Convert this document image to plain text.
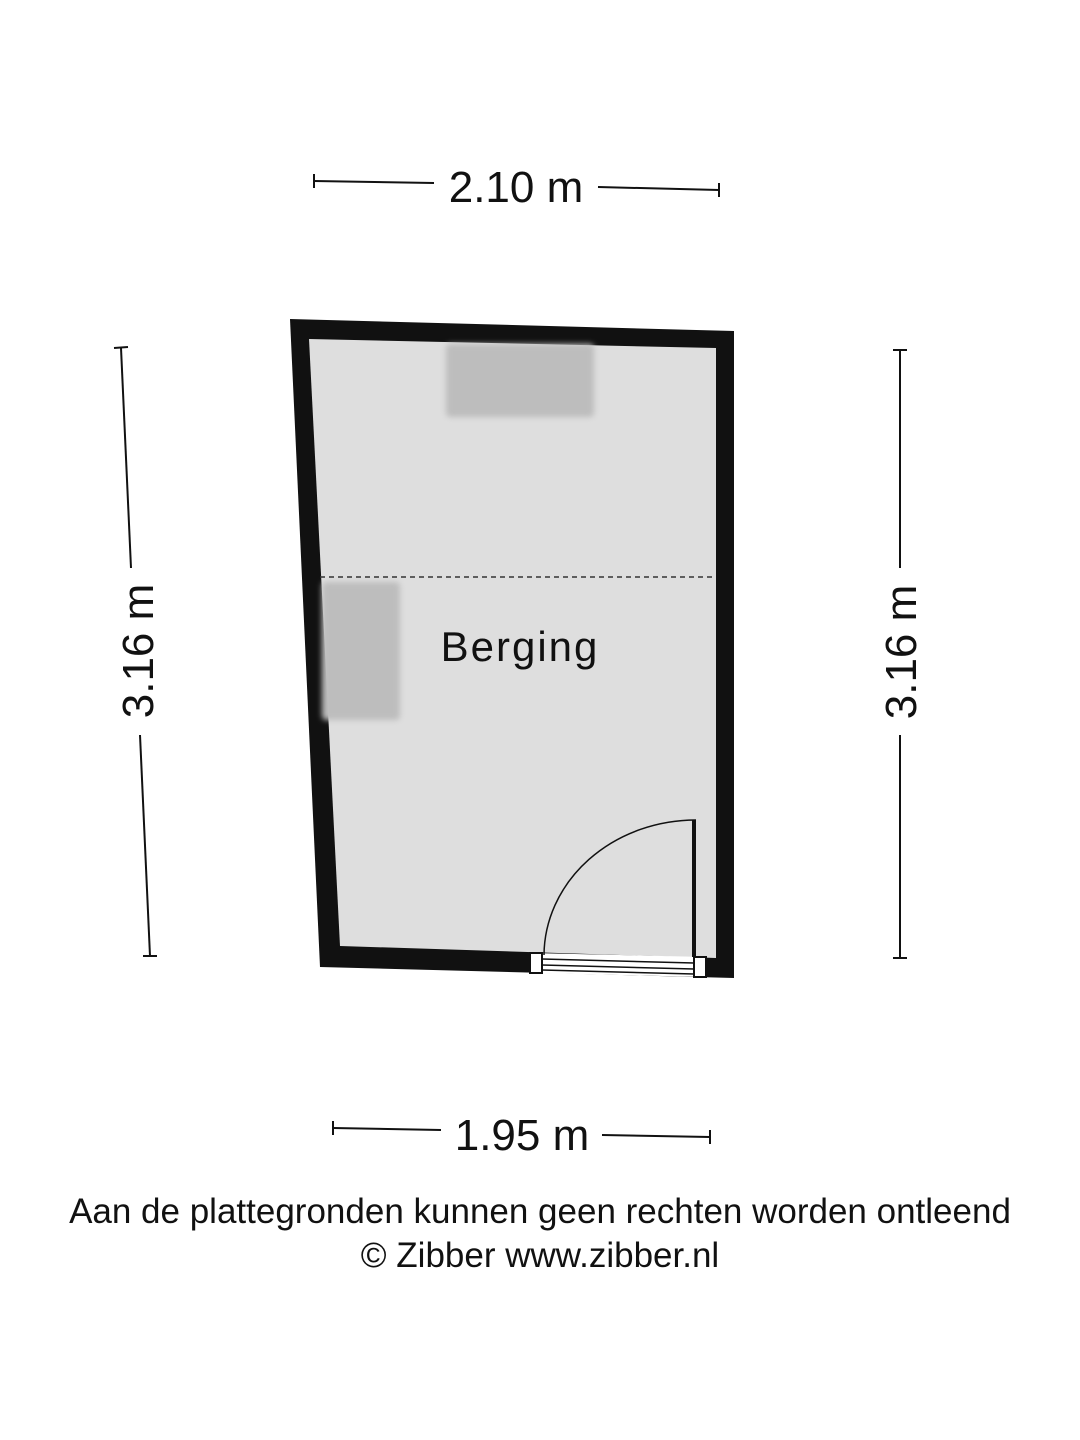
2.10 m
1.95 m
3.16 m	3.16 m
Berging
Aan de plattegronden kunnen geen rechten worden ontleend
© Zibber www.zibber.nl
